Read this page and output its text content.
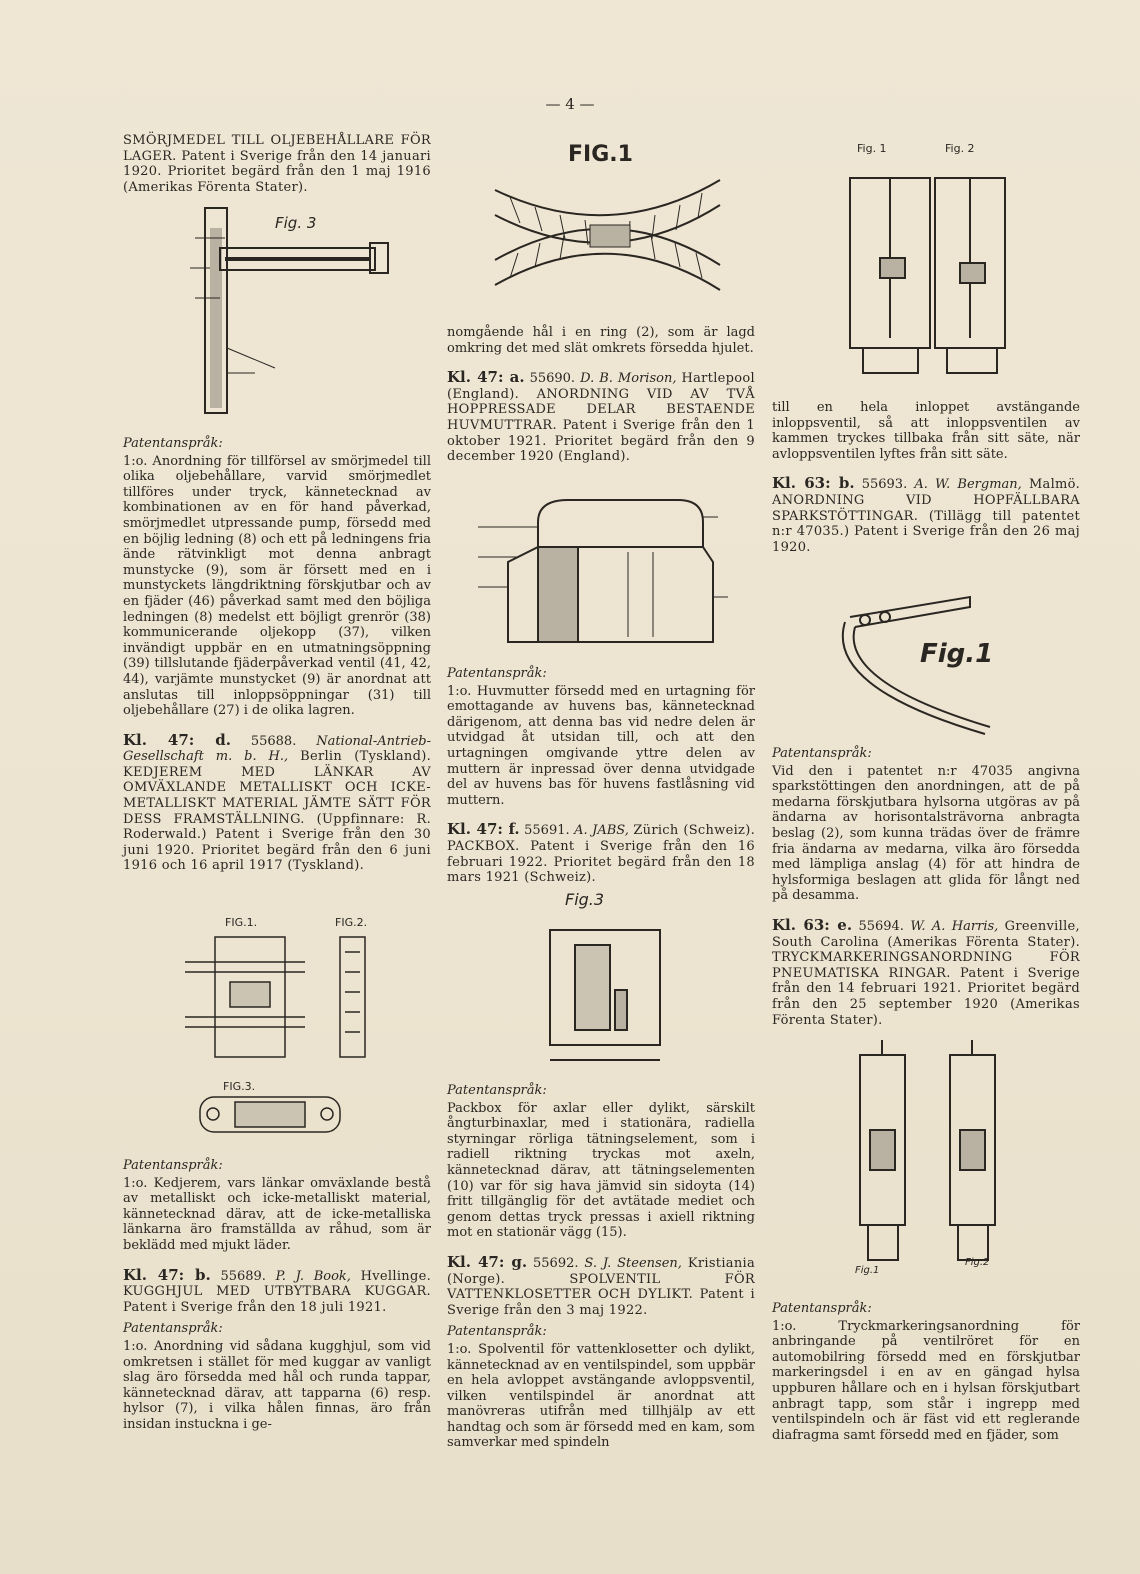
— 4 —

SMÖRJMEDEL TILL OLJEBEHÅLLARE FÖR LAGER. Patent i Sverige från den 14 januari 1920. Prioritet begärd från den 1 maj 1916 (Amerikas Förenta Stater).

Fig. 3

Patentanspråk:

1:o. Anordning för tillförsel av smörjmedel till olika oljebehållare, varvid smörjmedlet tillföres under tryck, kännetecknad av kombinationen av en för hand påverkad, smörjmedlet utpressande pump, försedd med en böjlig ledning (8) och ett på ledningens fria ände rätvinkligt mot denna anbragt munstycke (9), som är försett med en i munstyckets längdriktning förskjutbar och av en fjäder (46) påverkad samt med den böjliga ledningen (8) medelst ett böjligt grenrör (38) kommunicerande oljekopp (37), vilken invändigt uppbär en en utmatningsöppning (39) tillslutande fjäderpåverkad ventil (41, 42, 44), varjämte munstycket (9) är anordnat att anslutas till inloppsöppningar (31) till oljebehållare (27) i de olika lagren.

Kl. 47: d. 55688. National-Antrieb-Gesellschaft m. b. H., Berlin (Tyskland). KEDJEREM MED LÄNKAR AV OMVÄXLANDE METALLISKT OCH ICKE-METALLISKT MATERIAL JÄMTE SÄTT FÖR DESS FRAMSTÄLLNING. (Uppfinnare: R. Roderwald.) Patent i Sverige från den 30 juni 1920. Prioritet begärd från den 6 juni 1916 och 16 april 1917 (Tyskland).

FIG.1.	FIG.2.
FIG.3.

Patentanspråk:

1:o. Kedjerem, vars länkar omväxlande bestå av metalliskt och icke-metalliskt material, kännetecknad därav, att de icke-metalliska länkarna äro framställda av råhud, som är beklädd med mjukt läder.

Kl. 47: b. 55689. P. J. Book, Hvellinge. KUGGHJUL MED UTBYTBARA KUGGAR. Patent i Sverige från den 18 juli 1921.

Patentanspråk:

1:o. Anordning vid sådana kugghjul, som vid omkretsen i stället för med kuggar av vanligt slag äro försedda med hål och runda tappar, kännetecknad därav, att tapparna (6) resp. hylsor (7), i vilka hålen finnas, äro från insidan instuckna i ge-

FIG.1

nomgående hål i en ring (2), som är lagd omkring det med slät omkrets försedda hjulet.

Kl. 47: a. 55690. D. B. Morison, Hartlepool (England). ANORDNING VID AV TVÅ HOPPRESSADE DELAR BESTAENDE HUVMUTTRAR. Patent i Sverige från den 1 oktober 1921. Prioritet begärd från den 9 december 1920 (England).

Patentanspråk:

1:o. Huvmutter försedd med en urtagning för emottagande av huvens bas, kännetecknad därigenom, att denna bas vid nedre delen är utvidgad åt utsidan till, och att den urtagningen omgivande yttre delen av muttern är inpressad över denna utvidgade del av huvens bas för huvens fastlåsning vid muttern.

Kl. 47: f. 55691. A. JABS, Zürich (Schweiz). PACKBOX. Patent i Sverige från den 16 februari 1922. Prioritet begärd från den 18 mars 1921 (Schweiz).

Fig.3

Patentanspråk:

Packbox för axlar eller dylikt, särskilt ångturbinaxlar, med i stationära, radiella styrningar rörliga tätningselement, som i radiell riktning tryckas mot axeln, kännetecknad därav, att tätningselementen (10) var för sig hava jämvid sin sidoyta (14) fritt tillgänglig för det avtätade mediet och genom dettas tryck pressas i axiell riktning mot en stationär vägg (15).

Kl. 47: g. 55692. S. J. Steensen, Kristiania (Norge). SPOLVENTIL FÖR VATTENKLOSETTER OCH DYLIKT. Patent i Sverige från den 3 maj 1922.

Patentanspråk:

1:o. Spolventil för vattenklosetter och dylikt, kännetecknad av en ventilspindel, som uppbär en hela avloppet avstängande avloppsventil, vilken ventilspindel är anordnat att manövreras utifrån med tillhjälp av ett handtag och som är försedd med en kam, som samverkar med spindeln

Fig. 1	Fig. 2

till en hela inloppet avstängande inloppsventil, så att inloppsventilen av kammen tryckes tillbaka från sitt säte, när avloppsventilen lyftes från sitt säte.

Kl. 63: b. 55693. A. W. Bergman, Malmö. ANORDNING VID HOPFÄLLBARA SPARKSTÖTTINGAR. (Tillägg till patentet n:r 47035.) Patent i Sverige från den 26 maj 1920.

Fig.1

Patentanspråk:

Vid den i patentet n:r 47035 angivna sparkstöttingen den anordningen, att de på medarna förskjutbara hylsorna utgöras av på ändarna av horisontalsträvorna anbragta beslag (2), som kunna trädas över de främre fria ändarna av medarna, vilka äro försedda med lämpliga anslag (4) för att hindra de hylsformiga beslagen att glida för långt ned på desamma.

Kl. 63: e. 55694. W. A. Harris, Greenville, South Carolina (Amerikas Förenta Stater). TRYCKMARKERINGSANORDNING FÖR PNEUMATISKA RINGAR. Patent i Sverige från den 14 februari 1921. Prioritet begärd från den 25 september 1920 (Amerikas Förenta Stater).

Fig.1
Fig.2

Patentanspråk:

1:o. Tryckmarkeringsanordning för anbringande på ventilröret för en automobilring försedd med en förskjutbar markeringsdel i en av en gängad hylsa uppburen hållare och en i hylsan förskjutbart anbragt tapp, som står i ingrepp med ventilspindeln och är fäst vid ett reglerande diafragma samt försedd med en fjäder, som
